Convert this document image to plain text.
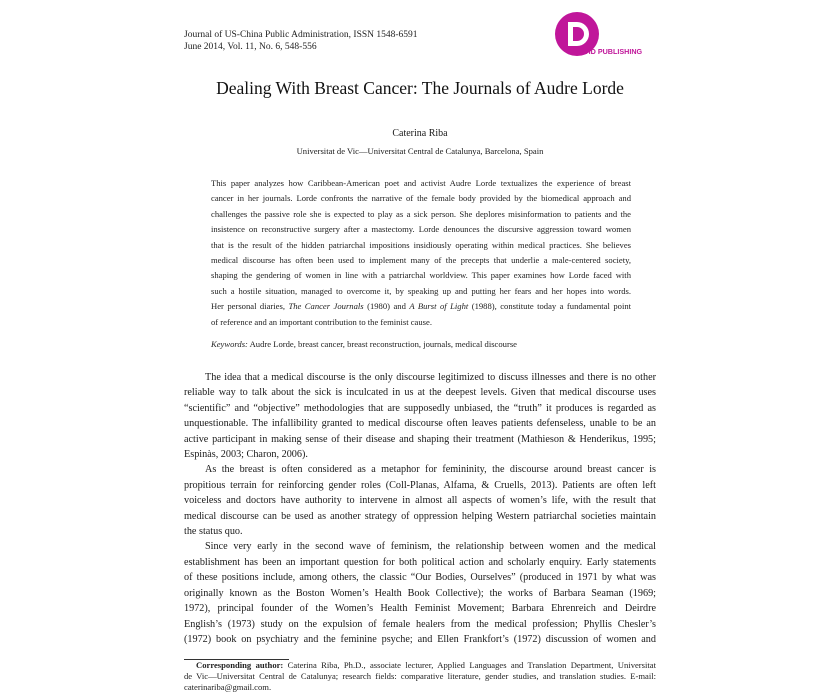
Journal of US-China Public Administration, ISSN 1548-6591
June 2014, Vol. 11, No. 6, 548-556	DAVID PUBLISHING
Dealing With Breast Cancer: The Journals of Audre Lorde
Caterina Riba
Universitat de Vic—Universitat Central de Catalunya, Barcelona, Spain
This paper analyzes how Caribbean-American poet and activist Audre Lorde textualizes the experience of breast
cancer in her journals. Lorde confronts the narrative of the female body provided by the biomedical approach and
challenges the passive role she is expected to play as a sick person. She deplores misinformation to patients and the
insistence on reconstructive surgery after a mastectomy. Lorde denounces the discursive aggression toward women
that is the result of the hidden patriarchal impositions insidiously operating within medical practices. She believes
medical discourse has often been used to implement many of the precepts that underlie a male-centered society,
shaping the gendering of women in line with a patriarchal worldview. This paper examines how Lorde faced with
such a hostile situation, managed to overcome it, by speaking up and putting her fears and her hopes into words.
Her personal diaries, The Cancer Journals (1980) and A Burst of Light (1988), constitute today a fundamental point
of reference and an important contribution to the feminist cause.
Keywords: Audre Lorde, breast cancer, breast reconstruction, journals, medical discourse
The idea that a medical discourse is the only discourse legitimized to discuss illnesses and there is no other
reliable way to talk about the sick is inculcated in us at the deepest levels. Given that medical discourse uses
“scientific” and “objective” methodologies that are supposedly unbiased, the “truth” it produces is regarded as
unquestionable. The infallibility granted to medical discourse often leaves patients defenseless, unable to be an
active participant in making sense of their disease and shaping their treatment (Mathieson & Henderikus, 1995;
Espinàs, 2003; Charon, 2006).
As the breast is often considered as a metaphor for femininity, the discourse around breast cancer is
propitious terrain for reinforcing gender roles (Coll-Planas, Alfama, & Cruells, 2013). Patients are often left
voiceless and doctors have authority to intervene in almost all aspects of women’s life, with the result that
medical discourse can be used as another strategy of oppression helping Western patriarchal societies maintain
the status quo.
Since very early in the second wave of feminism, the relationship between women and the medical
establishment has been an important question for both political action and scholarly enquiry. Early statements
of these positions include, among others, the classic “Our Bodies, Ourselves” (produced in 1971 by what was
originally known as the Boston Women’s Health Book Collective); the works of Barbara Seaman (1969;
1972), principal founder of the Women’s Health Feminist Movement; Barbara Ehrenreich and Deirdre
English’s (1973) study on the expulsion of female healers from the medical profession; Phyllis Chesler’s
(1972) book on psychiatry and the feminine psyche; and Ellen Frankfort’s (1972) discussion of women and
Corresponding author: Caterina Riba, Ph.D., associate lecturer, Applied Languages and Translation Department, Universitat
de Vic—Universitat Central de Catalunya; research fields: comparative literature, gender studies, and translation studies. E-mail:
caterinariba@gmail.com.
